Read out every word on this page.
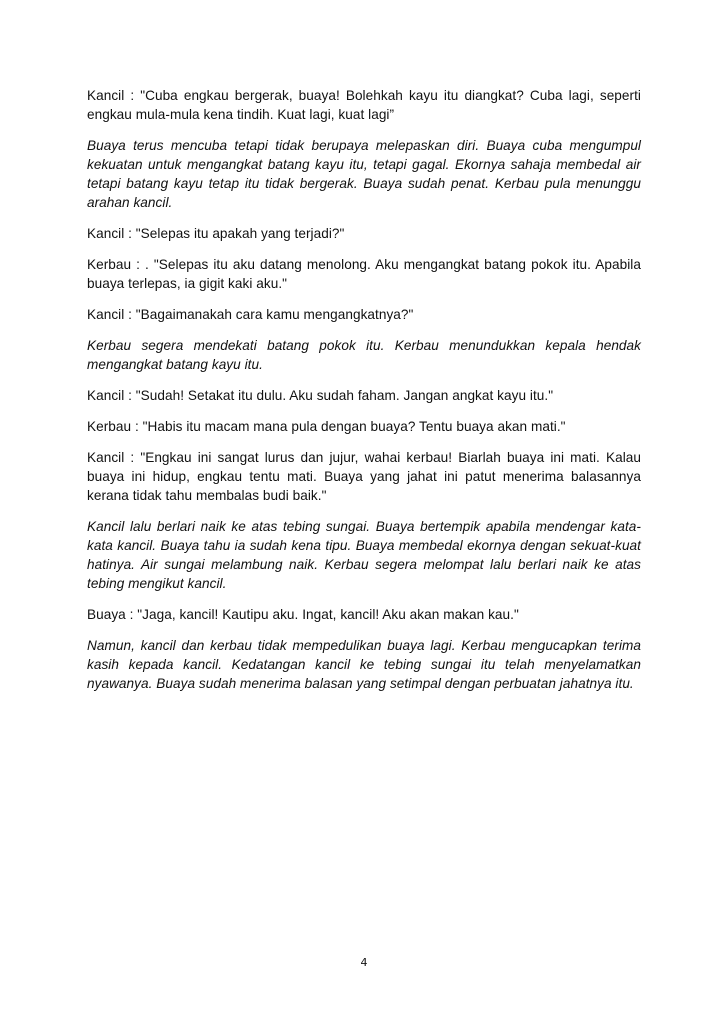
Kancil : "Cuba engkau bergerak, buaya! Bolehkah kayu itu diangkat? Cuba lagi, seperti engkau mula-mula kena tindih. Kuat lagi, kuat lagi”

Buaya terus mencuba tetapi tidak berupaya melepaskan diri. Buaya cuba mengumpul kekuatan untuk mengangkat batang kayu itu, tetapi gagal. Ekornya sahaja membedal air tetapi batang kayu tetap itu tidak bergerak. Buaya sudah penat. Kerbau pula menunggu arahan kancil.

Kancil : "Selepas itu apakah yang terjadi?"

Kerbau : . "Selepas itu aku datang menolong. Aku mengangkat batang pokok itu. Apabila buaya terlepas, ia gigit kaki aku."

Kancil : "Bagaimanakah cara kamu mengangkatnya?"

Kerbau segera mendekati batang pokok itu. Kerbau menundukkan kepala hendak mengangkat batang kayu itu.

Kancil : "Sudah! Setakat itu dulu. Aku sudah faham. Jangan angkat kayu itu."

Kerbau : "Habis itu macam mana pula dengan buaya? Tentu buaya akan mati."

Kancil : "Engkau ini sangat lurus dan jujur, wahai kerbau! Biarlah buaya ini mati. Kalau buaya ini hidup, engkau tentu mati. Buaya yang jahat ini patut menerima balasannya kerana tidak tahu membalas budi baik."

Kancil lalu berlari naik ke atas tebing sungai. Buaya bertempik apabila mendengar kata-kata kancil. Buaya tahu ia sudah kena tipu. Buaya membedal ekornya dengan sekuat-kuat hatinya. Air sungai melambung naik. Kerbau segera melompat lalu berlari naik ke atas tebing mengikut kancil.

Buaya : "Jaga, kancil! Kautipu aku. Ingat, kancil! Aku akan makan kau."

Namun, kancil dan kerbau tidak mempedulikan buaya lagi. Kerbau mengucapkan terima kasih kepada kancil. Kedatangan kancil ke tebing sungai itu telah menyelamatkan nyawanya. Buaya sudah menerima balasan yang setimpal dengan perbuatan jahatnya itu.

4
